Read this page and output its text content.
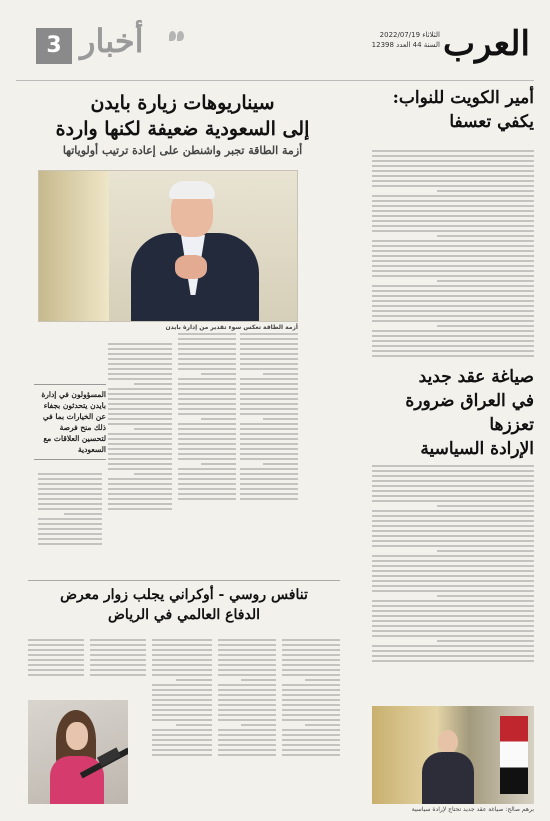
العرب
الثلاثاء 2022/07/19
السنة 44 العدد 12398
3 أخبار
أمير الكويت للنواب:
يكفي تعسفا
صياغة عقد جديد
في العراق ضرورة تعززها
الإرادة السياسية
برهم صالح: صياغة عقد جديد تحتاج لإرادة سياسية
سيناريوهات زيارة بايدن
إلى السعودية ضعيفة لكنها واردة
أزمة الطاقة تجبر واشنطن على إعادة ترتيب أولوياتها
أزمة الطاقة تعكس سوء تقدير من إدارة بايدن
المسؤولون في إدارة بايدن يتحدثون بجفاء عن الخيارات بما في ذلك منح فرصة لتحسين العلاقات مع السعودية
تنافس روسي - أوكراني يجلب زوار معرض
الدفاع العالمي في الرياض
